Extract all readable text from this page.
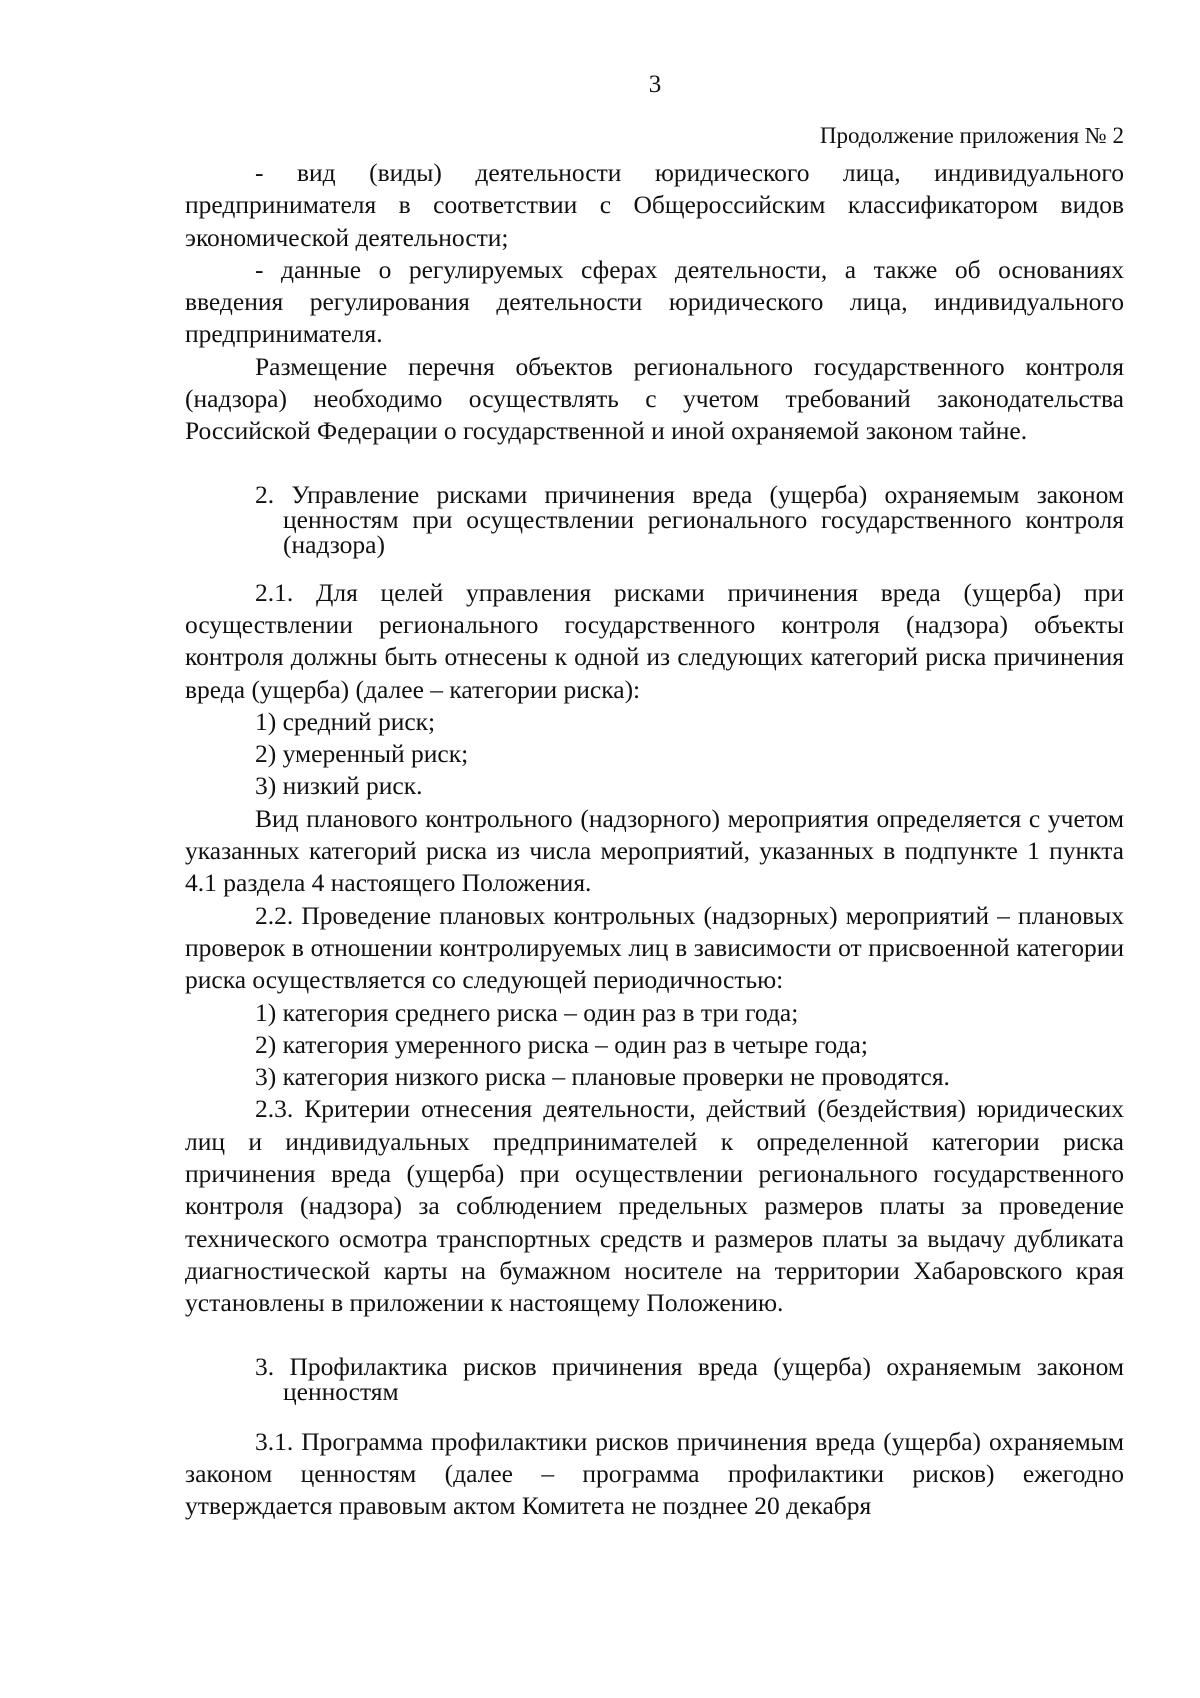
3
Продолжение приложения № 2

- вид (виды) деятельности юридического лица, индивидуального предпринимателя в соответствии с Общероссийским классификатором видов экономической деятельности;

- данные о регулируемых сферах деятельности, а также об основаниях введения регулирования деятельности юридического лица, индивидуального предпринимателя.

Размещение перечня объектов регионального государственного контроля (надзора) необходимо осуществлять с учетом требований законодательства Российской Федерации о государственной и иной охраняемой законом тайне.

2. Управление рисками причинения вреда (ущерба) охраняемым законом ценностям при осуществлении регионального государственного контроля (надзора)

2.1. Для целей управления рисками причинения вреда (ущерба) при осуществлении регионального государственного контроля (надзора) объекты контроля должны быть отнесены к одной из следующих категорий риска причинения вреда (ущерба) (далее – категории риска):

1) средний риск;

2) умеренный риск;

3) низкий риск.

Вид планового контрольного (надзорного) мероприятия определяется с учетом указанных категорий риска из числа мероприятий, указанных в подпункте 1 пункта 4.1 раздела 4 настоящего Положения.

2.2. Проведение плановых контрольных (надзорных) мероприятий – плановых проверок в отношении контролируемых лиц в зависимости от присвоенной категории риска осуществляется со следующей периодичностью:

1) категория среднего риска – один раз в три года;

2) категория умеренного риска – один раз в четыре года;

3) категория низкого риска – плановые проверки не проводятся.

2.3. Критерии отнесения деятельности, действий (бездействия) юридических лиц и индивидуальных предпринимателей к определенной категории риска причинения вреда (ущерба) при осуществлении регионального государственного контроля (надзора) за соблюдением предельных размеров платы за проведение технического осмотра транспортных средств и размеров платы за выдачу дубликата диагностической карты на бумажном носителе на территории Хабаровского края установлены в приложении к настоящему Положению.

3. Профилактика рисков причинения вреда (ущерба) охраняемым законом ценностям

3.1. Программа профилактики рисков причинения вреда (ущерба) охраняемым законом ценностям (далее – программа профилактики рисков) ежегодно утверждается правовым актом Комитета не позднее 20 декабря
